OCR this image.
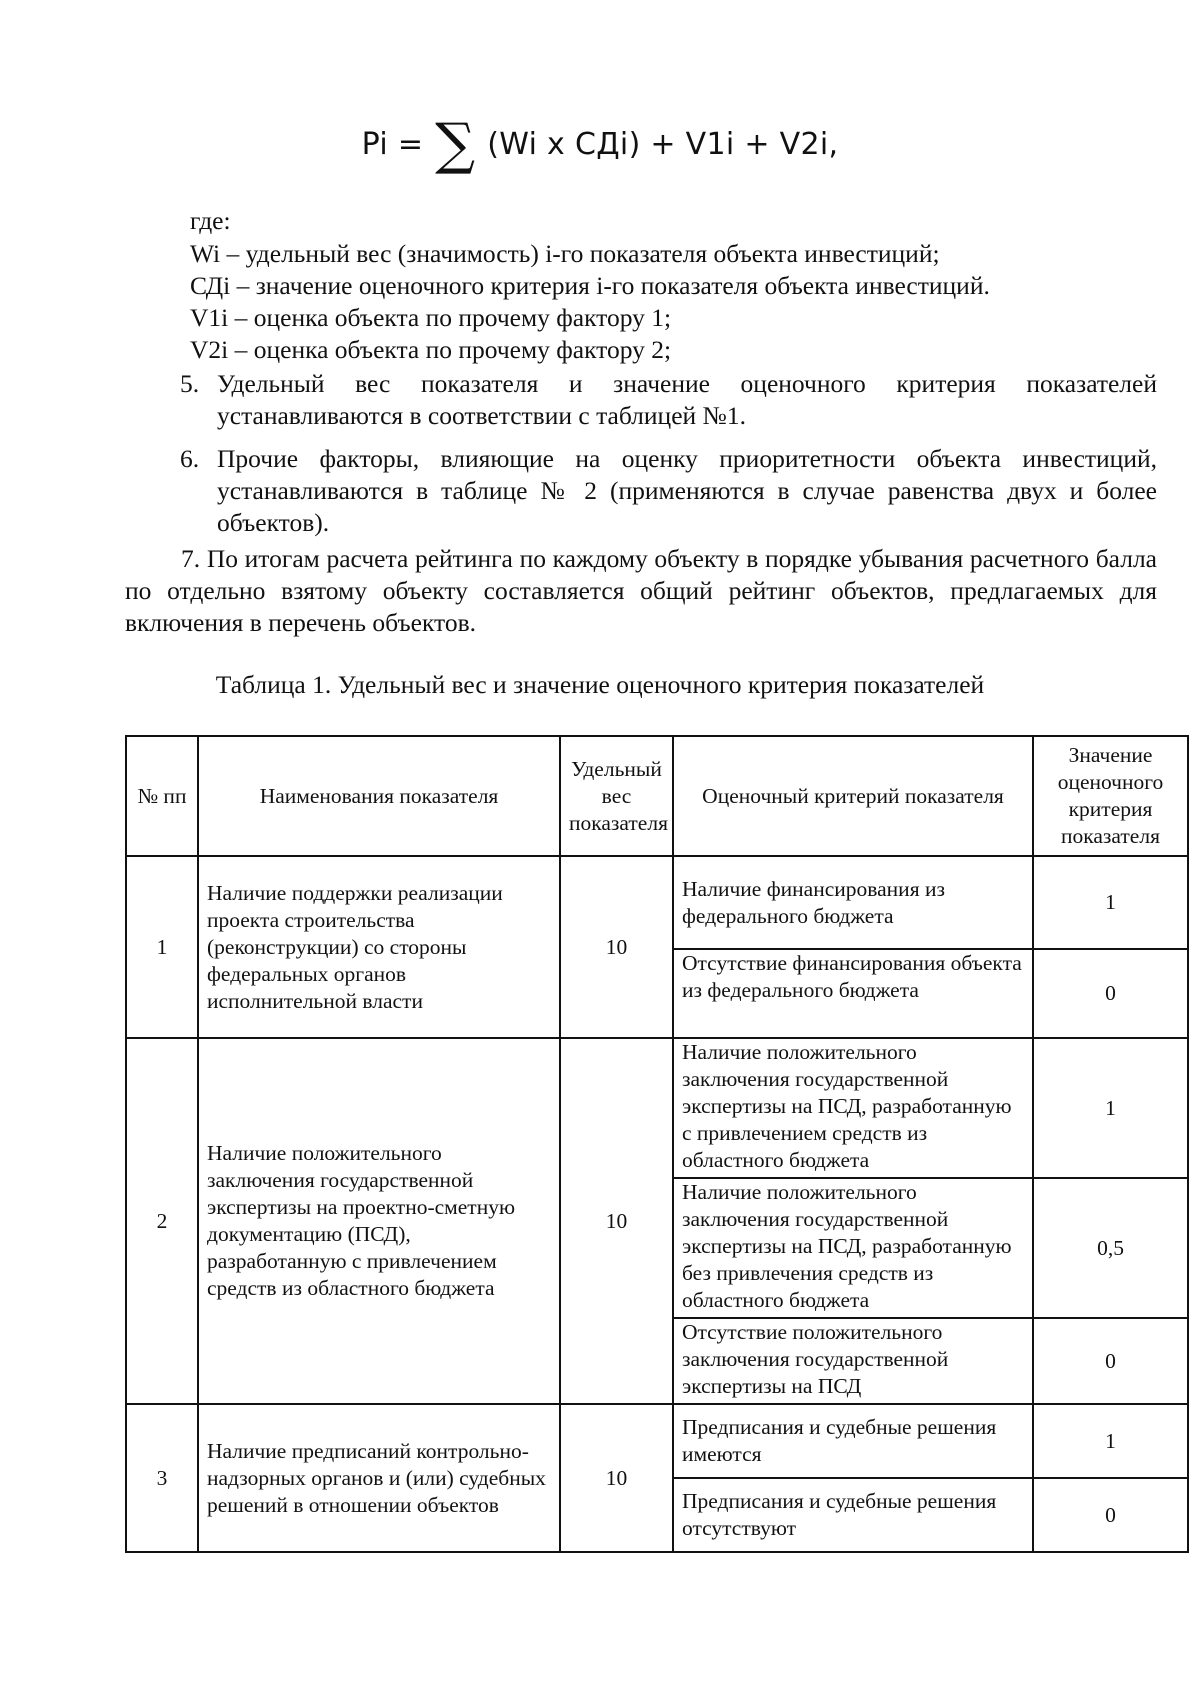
Pi = ∑ (Wi x СДi) + V1i + V2i,
где:
Wi – удельный вес (значимость) i-го показателя объекта инвестиций;
СДi – значение оценочного критерия i-го показателя объекта инвестиций.
V1i – оценка объекта по прочему фактору 1;
V2i – оценка объекта по прочему фактору 2;
5. Удельный вес показателя и значение оценочного критерия показателей устанавливаются в соответствии с таблицей №1.
6. Прочие факторы, влияющие на оценку приоритетности объекта инвестиций, устанавливаются в таблице № 2 (применяются в случае равенства двух и более объектов).
7. По итогам расчета рейтинга по каждому объекту в порядке убывания расчетного балла по отдельно взятому объекту составляется общий рейтинг объектов, предлагаемых для включения в перечень объектов.
Таблица 1. Удельный вес и значение оценочного критерия показателей
№ пп	Наименования показателя	Удельный вес показателя	Оценочный критерий показателя	Значение оценочного критерия показателя
1	Наличие поддержки реализации проекта строительства (реконструкции) со стороны федеральных органов исполнительной власти	10	Наличие финансирования из федерального бюджета	1
			Отсутствие финансирования объекта из федерального бюджета	0
2	Наличие положительного заключения государственной экспертизы на проектно-сметную документацию (ПСД), разработанную с привлечением средств из областного бюджета	10	Наличие положительного заключения государственной экспертизы на ПСД, разработанную с привлечением средств из областного бюджета	1
			Наличие положительного заключения государственной экспертизы на ПСД, разработанную без привлечения средств из областного бюджета	0,5
			Отсутствие положительного заключения государственной экспертизы на ПСД	0
3	Наличие предписаний контрольно-надзорных органов и (или) судебных решений в отношении объектов	10	Предписания и судебные решения имеются	1
			Предписания и судебные решения отсутствуют	0
